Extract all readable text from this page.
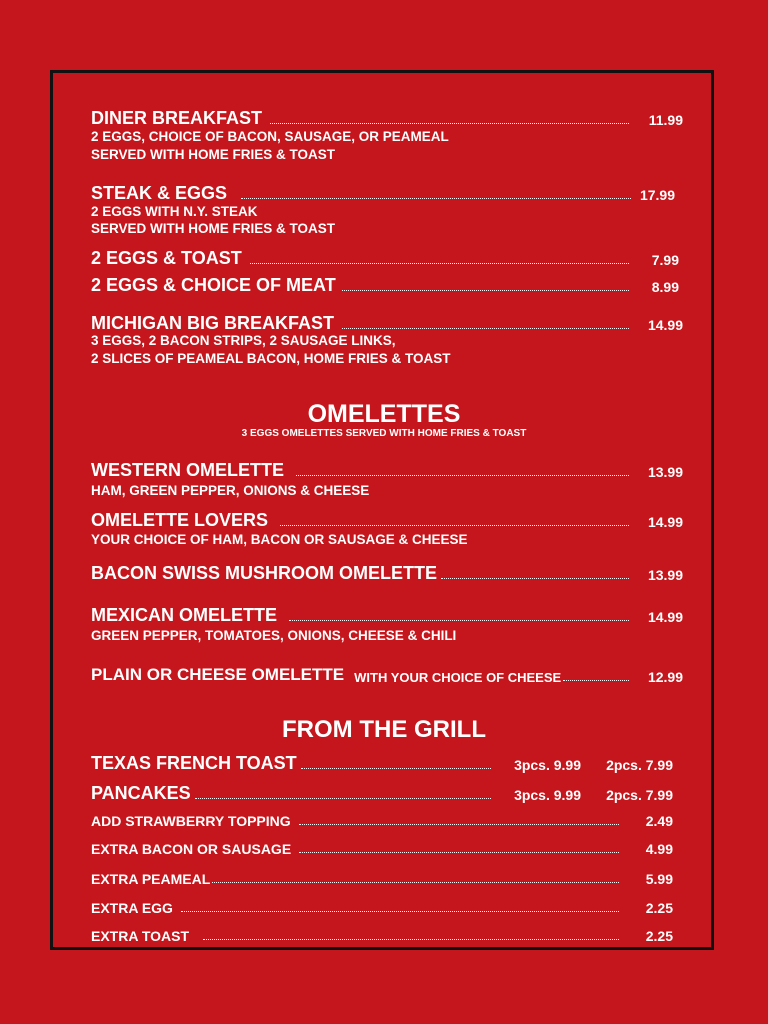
DINER BREAKFAST	11.99
2 EGGS, CHOICE OF BACON, SAUSAGE, OR PEAMEAL
SERVED WITH HOME FRIES & TOAST
STEAK & EGGS	17.99
2 EGGS WITH N.Y. STEAK
SERVED WITH HOME FRIES & TOAST
2 EGGS & TOAST	7.99
2 EGGS & CHOICE OF MEAT	8.99
MICHIGAN BIG BREAKFAST	14.99
3 EGGS, 2 BACON STRIPS, 2 SAUSAGE LINKS,
2 SLICES OF PEAMEAL BACON, HOME FRIES & TOAST
OMELETTES
3 EGGS OMELETTES SERVED WITH HOME FRIES & TOAST
WESTERN OMELETTE	13.99
HAM, GREEN PEPPER, ONIONS & CHEESE
OMELETTE LOVERS	14.99
YOUR CHOICE OF HAM, BACON OR SAUSAGE & CHEESE
BACON SWISS MUSHROOM OMELETTE	13.99
MEXICAN OMELETTE	14.99
GREEN PEPPER, TOMATOES, ONIONS, CHEESE & CHILI
PLAIN OR CHEESE OMELETTE WITH YOUR CHOICE OF CHEESE	12.99
FROM THE GRILL
TEXAS FRENCH TOAST	3pcs. 9.99	2pcs. 7.99
PANCAKES	3pcs. 9.99	2pcs. 7.99
ADD STRAWBERRY TOPPING	2.49
EXTRA BACON OR SAUSAGE	4.99
EXTRA PEAMEAL	5.99
EXTRA EGG	2.25
EXTRA TOAST	2.25
